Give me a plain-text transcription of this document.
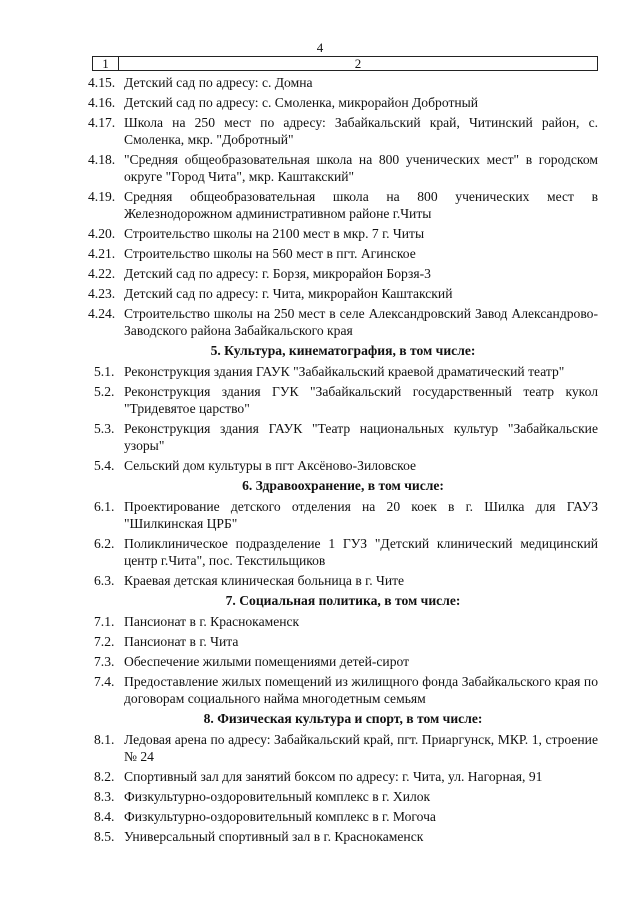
4
1	2
4.15. Детский сад по адресу: с. Домна
4.16. Детский сад по адресу: с. Смоленка, микрорайон Добротный
4.17. Школа на 250 мест по адресу: Забайкальский край, Читинский район, с. Смоленка, мкр. "Добротный"
4.18. "Средняя общеобразовательная школа на 800 ученических мест" в городском округе "Город Чита", мкр. Каштакский"
4.19. Средняя общеобразовательная школа на 800 ученических мест в Железнодорожном административном районе г.Читы
4.20. Строительство школы на 2100 мест в мкр. 7 г. Читы
4.21. Строительство школы на 560 мест в пгт. Агинское
4.22. Детский сад по адресу: г. Борзя, микрорайон Борзя-3
4.23. Детский сад по адресу: г. Чита, микрорайон Каштакский
4.24. Строительство школы на 250 мест в селе Александровский Завод Александрово-Заводского района Забайкальского края
5. Культура, кинематография, в том числе:
5.1. Реконструкция здания ГАУК "Забайкальский краевой драматический театр"
5.2. Реконструкция здания ГУК "Забайкальский государственный театр кукол "Тридевятое царство"
5.3. Реконструкция здания ГАУК "Театр национальных культур "Забайкальские узоры"
5.4. Сельский дом культуры в пгт Аксёново-Зиловское
6. Здравоохранение, в том числе:
6.1. Проектирование детского отделения на 20 коек в г. Шилка для ГАУЗ "Шилкинская ЦРБ"
6.2. Поликлиническое подразделение 1 ГУЗ "Детский клинический медицинский центр г.Чита", пос. Текстильщиков
6.3. Краевая детская клиническая больница в г. Чите
7. Социальная политика, в том числе:
7.1. Пансионат в г. Краснокаменск
7.2. Пансионат в г. Чита
7.3. Обеспечение жилыми помещениями детей-сирот
7.4. Предоставление жилых помещений из жилищного фонда Забайкальского края по договорам социального найма многодетным семьям
8. Физическая культура и спорт, в том числе:
8.1. Ледовая арена по адресу: Забайкальский край, пгт. Приаргунск, МКР. 1, строение № 24
8.2. Спортивный зал для занятий боксом по адресу: г. Чита, ул. Нагорная, 91
8.3. Физкультурно-оздоровительный комплекс в г. Хилок
8.4. Физкультурно-оздоровительный комплекс в г. Могоча
8.5. Универсальный спортивный зал в г. Краснокаменск
